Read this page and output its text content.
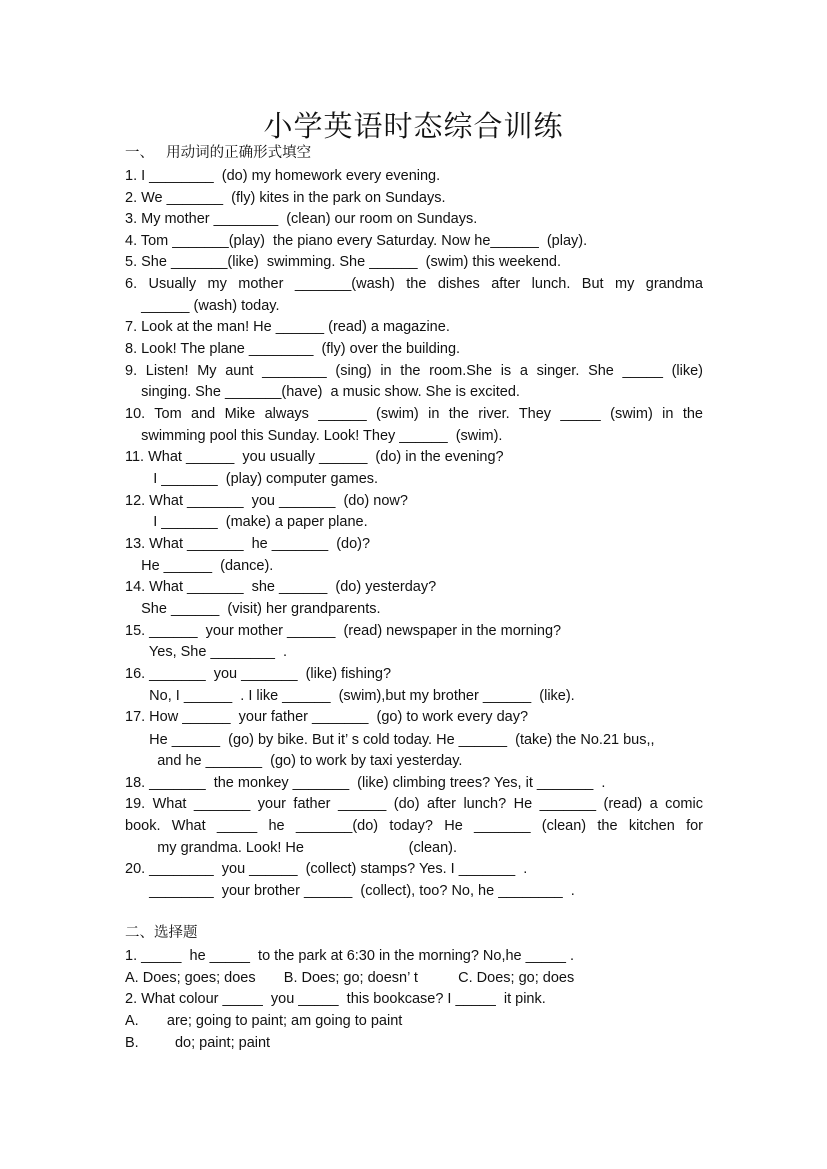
小学英语时态综合训练
一、   用动词的正确形式填空
1. I ________  (do) my homework every evening.
2. We _______  (fly) kites in the park on Sundays.
3. My mother ________  (clean) our room on Sundays.
4. Tom _______(play)  the piano every Saturday. Now he______  (play).
5. She _______(like)  swimming. She ______  (swim) this weekend.
6. Usually my mother _______(wash) the dishes after lunch. But my grandma
______ (wash) today.
7. Look at the man! He ______ (read) a magazine.
8. Look! The plane ________  (fly) over the building.
9. Listen! My aunt ________ (sing) in the room.She is a singer. She _____ (like)
singing. She _______(have)  a music show. She is excited.
10. Tom and Mike always ______ (swim) in the river. They _____ (swim) in the
swimming pool this Sunday. Look! They ______  (swim).
11. What ______  you usually ______  (do) in the evening?
I _______  (play) computer games.
12. What _______  you _______  (do) now?
I _______  (make) a paper plane.
13. What _______  he _______  (do)?
He ______  (dance).
14. What _______  she ______  (do) yesterday?
She ______  (visit) her grandparents.
15. ______  your mother ______  (read) newspaper in the morning?
Yes, She ________  .
16. _______  you _______  (like) fishing?
No, I ______  . I like ______  (swim),but my brother ______  (like).
17. How ______  your father _______  (go) to work every day?
He ______  (go) by bike. But it’ s cold today. He ______  (take) the No.21 bus,,
and he _______  (go) to work by taxi yesterday.
18. _______  the monkey _______  (like) climbing trees? Yes, it _______  .
19. What _______ your father ______ (do) after lunch? He _______ (read) a comic
book. What _____ he _______(do) today? He _______ (clean) the kitchen for
my grandma. Look! He                          (clean).
20. ________  you ______  (collect) stamps? Yes. I _______  .
________  your brother ______  (collect), too? No, he ________  .
二、选择题
1. _____  he _____  to the park at 6:30 in the morning? No,he _____ .
A. Does; goes; does       B. Does; go; doesn’ t          C. Does; go; does
2. What colour _____  you _____  this bookcase? I _____  it pink.
A.       are; going to paint; am going to paint
B.         do; paint; paint
